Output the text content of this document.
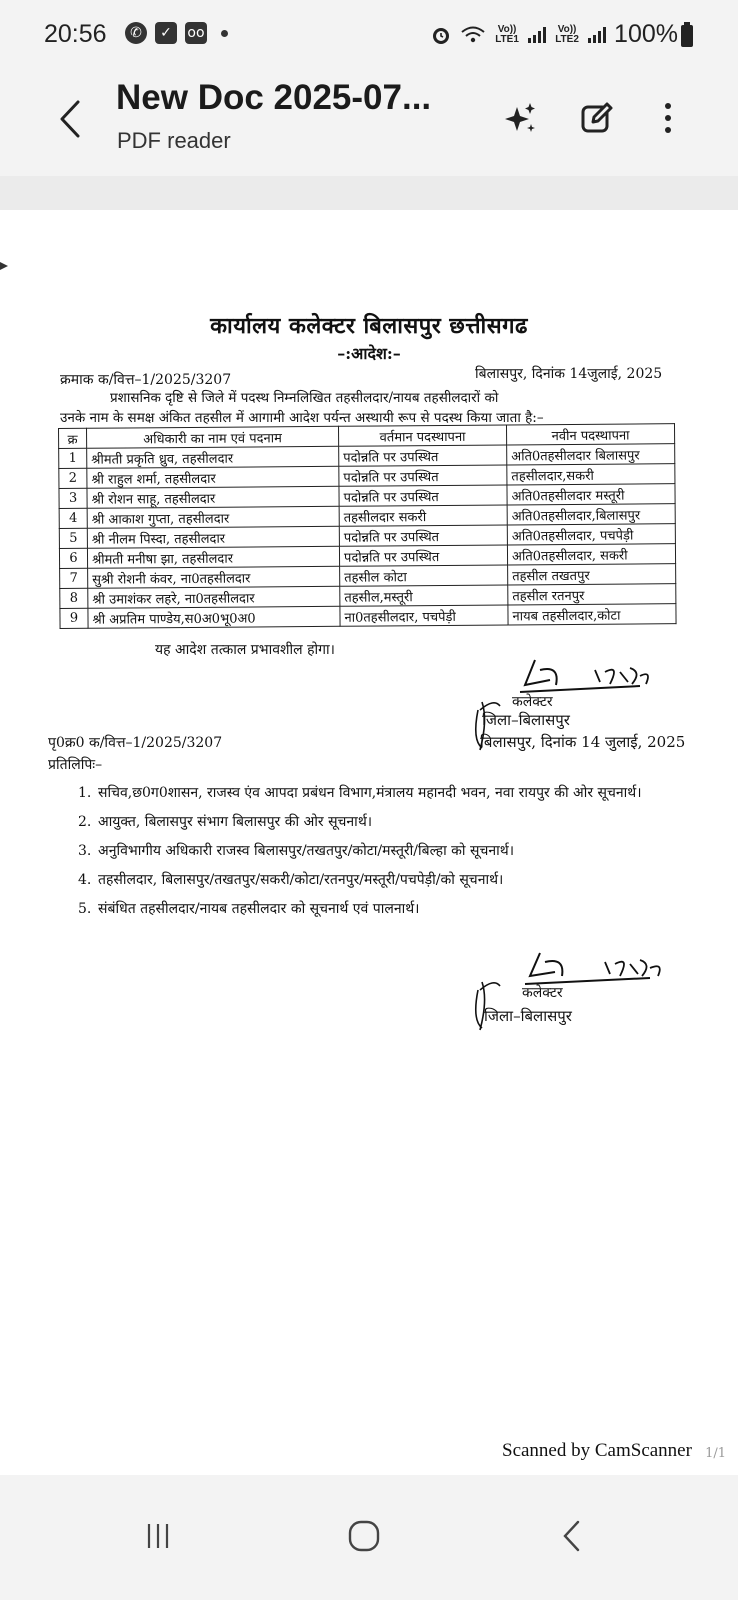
20:56	✆	✓	oo	Vo)) LTE1
Vo)) LTE2 100%
New Doc 2025-07...
PDF reader
कार्यालय कलेक्टर बिलासपुर छत्तीसगढ
–:आदेश:–
क्रमाक क/वित्त–1/2025/3207	बिलासपुर, दिनांक 14जुलाई, 2025
प्रशासनिक दृष्टि से जिले में पदस्थ निम्नलिखित तहसीलदार/नायब तहसीलदारों को
उनके नाम के समक्ष अंकित तहसील में आगामी आदेश पर्यन्त अस्थायी रूप से पदस्थ किया जाता है:–
क्र	अधिकारी का नाम एवं पदनाम	वर्तमान पदस्थापना	नवीन पदस्थापना
1	श्रीमती प्रकृति ध्रुव, तहसीलदार	पदोन्नति पर उपस्थित	अति0तहसीलदार बिलासपुर
2	श्री राहुल शर्मा, तहसीलदार	पदोन्नति पर उपस्थित	तहसीलदार,सकरी
3	श्री रोशन साहू, तहसीलदार	पदोन्नति पर उपस्थित	अति0तहसीलदार मस्तूरी
4	श्री आकाश गुप्ता, तहसीलदार	तहसीलदार सकरी	अति0तहसीलदार,बिलासपुर
5	श्री नीलम पिस्दा, तहसीलदार	पदोन्नति पर उपस्थित	अति0तहसीलदार, पचपेड़ी
6	श्रीमती मनीषा झा, तहसीलदार	पदोन्नति पर उपस्थित	अति0तहसीलदार, सकरी
7	सुश्री रोशनी कंवर, ना0तहसीलदार	तहसील कोटा	तहसील तखतपुर
8	श्री उमाशंकर लहरे, ना0तहसीलदार	तहसील,मस्तूरी	तहसील रतनपुर
9	श्री अप्रतिम पाण्डेय,स0अ0भू0अ0	ना0तहसीलदार, पचपेड़ी	नायब तहसीलदार,कोटा
यह आदेश तत्काल प्रभावशील होगा।
कलेक्टर
जिला–बिलासपुर
बिलासपुर, दिनांक 14 जुलाई, 2025
पृ0क्र0 क/वित्त–1/2025/3207
प्रतिलिपिः–
1. सचिव,छ0ग0शासन, राजस्व एंव आपदा प्रबंधन विभाग,मंत्रालय महानदी भवन, नवा रायपुर की ओर सूचनार्थ।
2. आयुक्त, बिलासपुर संभाग बिलासपुर की ओर सूचनार्थ।
3. अनुविभागीय अधिकारी राजस्व बिलासपुर/तखतपुर/कोटा/मस्तूरी/बिल्हा को सूचनार्थ।
4. तहसीलदार, बिलासपुर/तखतपुर/सकरी/कोटा/रतनपुर/मस्तूरी/पचपेड़ी/को सूचनार्थ।
5. संबंधित तहसीलदार/नायब तहसीलदार को सूचनार्थ एवं पालनार्थ।
कलेक्टर
जिला–बिलासपुर
Scanned by CamScanner 1/1
